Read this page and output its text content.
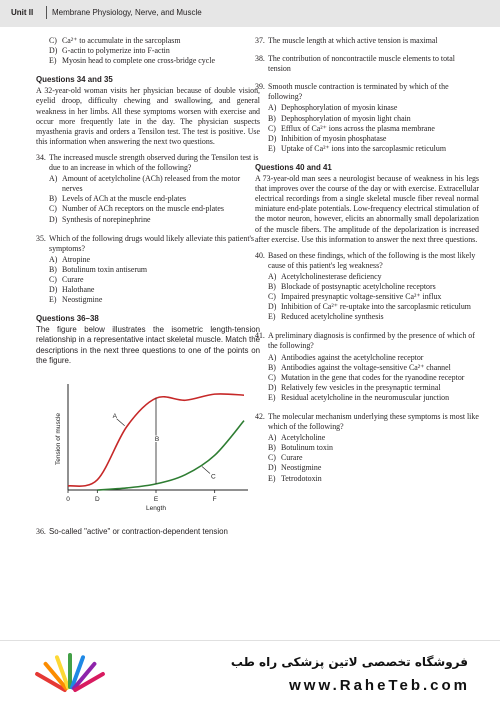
Unit II Membrane Physiology, Nerve, and Muscle
C) Ca²⁺ to accumulate in the sarcoplasm
D) G-actin to polymerize into F-actin
E) Myosin head to complete one cross-bridge cycle
Questions 34 and 35
A 32-year-old woman visits her physician because of double vision, eyelid droop, difficulty chewing and swallowing, and general weakness in her limbs. All these symptoms worsen with exercise and occur more frequently late in the day. The physician suspects myasthenia gravis and orders a Tensilon test. The test is positive. Use this information when answering the next two questions.
34. The increased muscle strength observed during the Tensilon test is due to an increase in which of the following?
A) Amount of acetylcholine (ACh) released from the motor nerves
B) Levels of ACh at the muscle end-plates
C) Number of ACh receptors on the muscle end-plates
D) Synthesis of norepinephrine
35. Which of the following drugs would likely alleviate this patient's symptoms?
A) Atropine
B) Botulinum toxin antiserum
C) Curare
D) Halothane
E) Neostigmine
Questions 36–38
The figure below illustrates the isometric length-tension relationship in a representative intact skeletal muscle. Match the descriptions in the next three questions to one of the points on the figure.
Tension of muscle
Length
0	D	E	F
A
B
C
36. So-called "active" or contraction-dependent tension
37. The muscle length at which active tension is maximal
38. The contribution of noncontractile muscle elements to total tension
39. Smooth muscle contraction is terminated by which of the following?
A) Dephosphorylation of myosin kinase
B) Dephosphorylation of myosin light chain
C) Efflux of Ca²⁺ ions across the plasma membrane
D) Inhibition of myosin phosphatase
E) Uptake of Ca²⁺ ions into the sarcoplasmic reticulum
Questions 40 and 41
A 73-year-old man sees a neurologist because of weakness in his legs that improves over the course of the day or with exercise. Extracellular electrical recordings from a single skeletal muscle fiber reveal normal miniature end-plate potentials. Low-frequency electrical stimulation of the motor neuron, however, elicits an abnormally small depolarization of the muscle fibers. The amplitude of the depolarization is increased after exercise. Use this information to answer the next three questions.
40. Based on these findings, which of the following is the most likely cause of this patient's leg weakness?
A) Acetylcholinesterase deficiency
B) Blockade of postsynaptic acetylcholine receptors
C) Impaired presynaptic voltage-sensitive Ca²⁺ influx
D) Inhibition of Ca²⁺ re-uptake into the sarcoplasmic reticulum
E) Reduced acetylcholine synthesis
41. A preliminary diagnosis is confirmed by the presence of which of the following?
A) Antibodies against the acetylcholine receptor
B) Antibodies against the voltage-sensitive Ca²⁺ channel
C) Mutation in the gene that codes for the ryanodine receptor
D) Relatively few vesicles in the presynaptic terminal
E) Residual acetylcholine in the neuromuscular junction
42. The molecular mechanism underlying these symptoms is most like which of the following?
A) Acetylcholine
B) Botulinum toxin
C) Curare
D) Neostigmine
E) Tetrodotoxin
فروشگاه تخصصی لاتین پزشکی راه طب
www.RaheTeb.com
